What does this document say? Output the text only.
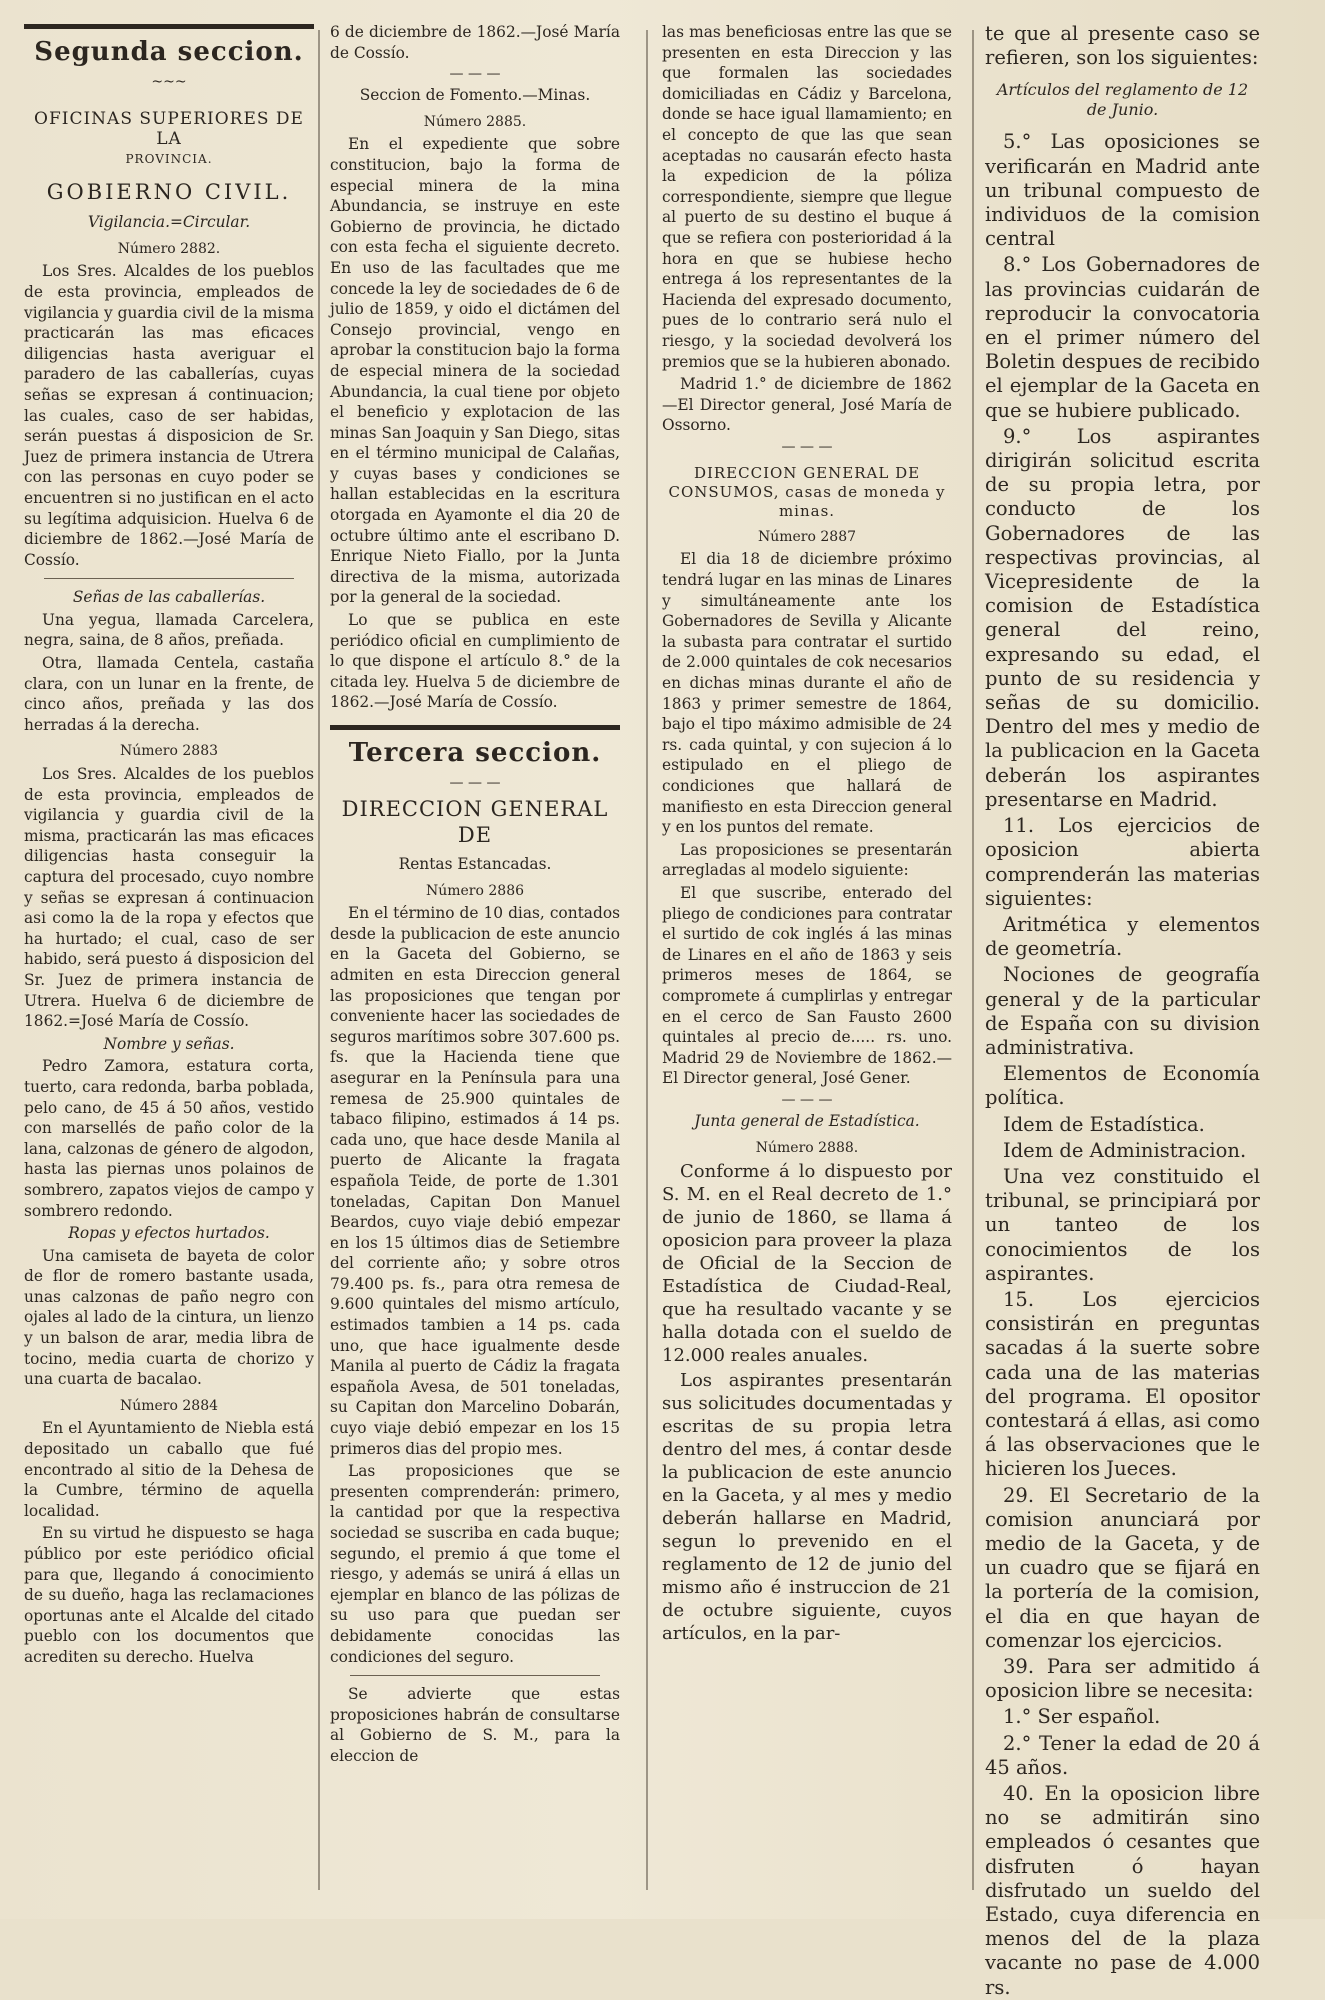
Segunda seccion.
~~~
OFICINAS SUPERIORES DE LA
PROVINCIA.
GOBIERNO CIVIL.

Vigilancia.=Circular.

Número 2882.

Los Sres. Alcaldes de los pueblos de esta provincia, empleados de vigilancia y guardia civil de la misma practicarán las mas eficaces diligencias hasta averiguar el paradero de las caballerías, cuyas señas se expresan á continuacion; las cuales, caso de ser habidas, serán puestas á disposicion de Sr. Juez de primera instancia de Utrera con las personas en cuyo poder se encuentren si no justifican en el acto su legítima adquisicion. Huelva 6 de diciembre de 1862.—José María de Cossío.

Señas de las caballerías.

Una yegua, llamada Carcelera, negra, saina, de 8 años, preñada.

Otra, llamada Centela, castaña clara, con un lunar en la frente, de cinco años, preñada y las dos herradas á la derecha.

Número 2883

Los Sres. Alcaldes de los pueblos de esta provincia, empleados de vigilancia y guardia civil de la misma, practicarán las mas eficaces diligencias hasta conseguir la captura del procesado, cuyo nombre y señas se expresan á continuacion asi como la de la ropa y efectos que ha hurtado; el cual, caso de ser habido, será puesto á disposicion del Sr. Juez de primera instancia de Utrera. Huelva 6 de diciembre de 1862.=José María de Cossío.

Nombre y señas.

Pedro Zamora, estatura corta, tuerto, cara redonda, barba poblada, pelo cano, de 45 á 50 años, vestido con marsellés de paño color de la lana, calzonas de género de algodon, hasta las piernas unos polainos de sombrero, zapatos viejos de campo y sombrero redondo.

Ropas y efectos hurtados.

Una camiseta de bayeta de color de flor de romero bastante usada, unas calzonas de paño negro con ojales al lado de la cintura, un lienzo y un balson de arar, media libra de tocino, media cuarta de chorizo y una cuarta de bacalao.

Número 2884

En el Ayuntamiento de Niebla está depositado un caballo que fué encontrado al sitio de la Dehesa de la Cumbre, término de aquella localidad.

En su virtud he dispuesto se haga público por este periódico oficial para que, llegando á conocimiento de su dueño, haga las reclamaciones oportunas ante el Alcalde del citado pueblo con los documentos que acrediten su derecho. Huelva

6 de diciembre de 1862.—José María de Cossío.

— — —

Seccion de Fomento.—Minas.

Número 2885.

En el expediente que sobre constitucion, bajo la forma de especial minera de la mina Abundancia, se instruye en este Gobierno de provincia, he dictado con esta fecha el siguiente decreto. En uso de las facultades que me concede la ley de sociedades de 6 de julio de 1859, y oido el dictámen del Consejo provincial, vengo en aprobar la constitucion bajo la forma de especial minera de la sociedad Abundancia, la cual tiene por objeto el beneficio y explotacion de las minas San Joaquin y San Diego, sitas en el término municipal de Calañas, y cuyas bases y condiciones se hallan establecidas en la escritura otorgada en Ayamonte el dia 20 de octubre último ante el escribano D. Enrique Nieto Fiallo, por la Junta directiva de la misma, autorizada por la general de la sociedad.

Lo que se publica en este periódico oficial en cumplimiento de lo que dispone el artículo 8.° de la citada ley. Huelva 5 de diciembre de 1862.—José María de Cossío.

Tercera seccion.
— — —
DIRECCION GENERAL DE

Rentas Estancadas.

Número 2886

En el término de 10 dias, contados desde la publicacion de este anuncio en la Gaceta del Gobierno, se admiten en esta Direccion general las proposiciones que tengan por conveniente hacer las sociedades de seguros marítimos sobre 307.600 ps. fs. que la Hacienda tiene que asegurar en la Península para una remesa de 25.900 quintales de tabaco filipino, estimados á 14 ps. cada uno, que hace desde Manila al puerto de Alicante la fragata española Teide, de porte de 1.301 toneladas, Capitan Don Manuel Beardos, cuyo viaje debió empezar en los 15 últimos dias de Setiembre del corriente año; y sobre otros 79.400 ps. fs., para otra remesa de 9.600 quintales del mismo artículo, estimados tambien a 14 ps. cada uno, que hace igualmente desde Manila al puerto de Cádiz la fragata española Avesa, de 501 toneladas, su Capitan don Marcelino Dobarán, cuyo viaje debió empezar en los 15 primeros dias del propio mes.

Las proposiciones que se presenten comprenderán: primero, la cantidad por que la respectiva sociedad se suscriba en cada buque; segundo, el premio á que tome el riesgo, y además se unirá á ellas un ejemplar en blanco de las pólizas de su uso para que puedan ser debidamente conocidas las condiciones del seguro.

Se advierte que estas proposiciones habrán de consultarse al Gobierno de S. M., para la eleccion de

las mas beneficiosas entre las que se presenten en esta Direccion y las que formalen las sociedades domiciliadas en Cádiz y Barcelona, donde se hace igual llamamiento; en el concepto de que las que sean aceptadas no causarán efecto hasta la expedicion de la póliza correspondiente, siempre que llegue al puerto de su destino el buque á que se refiera con posterioridad á la hora en que se hubiese hecho entrega á los representantes de la Hacienda del expresado documento, pues de lo contrario será nulo el riesgo, y la sociedad devolverá los premios que se la hubieren abonado.

Madrid 1.° de diciembre de 1862 —El Director general, José María de Ossorno.

— — —
DIRECCION GENERAL DE CONSUMOS, casas de moneda y minas.
Número 2887

El dia 18 de diciembre próximo tendrá lugar en las minas de Linares y simultáneamente ante los Gobernadores de Sevilla y Alicante la subasta para contratar el surtido de 2.000 quintales de cok necesarios en dichas minas durante el año de 1863 y primer semestre de 1864, bajo el tipo máximo admisible de 24 rs. cada quintal, y con sujecion á lo estipulado en el pliego de condiciones que hallará de manifiesto en esta Direccion general y en los puntos del remate.

Las proposiciones se presentarán arregladas al modelo siguiente:

El que suscribe, enterado del pliego de condiciones para contratar el surtido de cok inglés á las minas de Linares en el año de 1863 y seis primeros meses de 1864, se compromete á cumplirlas y entregar en el cerco de San Fausto 2600 quintales al precio de..... rs. uno. Madrid 29 de Noviembre de 1862.—El Director general, José Gener.

— — —

Junta general de Estadística.

Número 2888.

Conforme á lo dispuesto por S. M. en el Real decreto de 1.° de junio de 1860, se llama á oposicion para proveer la plaza de Oficial de la Seccion de Estadística de Ciudad-Real, que ha resultado vacante y se halla dotada con el sueldo de 12.000 reales anuales.

Los aspirantes presentarán sus solicitudes documentadas y escritas de su propia letra dentro del mes, á contar desde la publicacion de este anuncio en la Gaceta, y al mes y medio deberán hallarse en Madrid, segun lo prevenido en el reglamento de 12 de junio del mismo año é instruccion de 21 de octubre siguiente, cuyos artículos, en la par-

te que al presente caso se refieren, son los siguientes:

Artículos del reglamento de 12 de Junio.

5.° Las oposiciones se verificarán en Madrid ante un tribunal compuesto de individuos de la comision central

8.° Los Gobernadores de las provincias cuidarán de reproducir la convocatoria en el primer número del Boletin despues de recibido el ejemplar de la Gaceta en que se hubiere publicado.

9.° Los aspirantes dirigirán solicitud escrita de su propia letra, por conducto de los Gobernadores de las respectivas provincias, al Vicepresidente de la comision de Estadística general del reino, expresando su edad, el punto de su residencia y señas de su domicilio. Dentro del mes y medio de la publicacion en la Gaceta deberán los aspirantes presentarse en Madrid.

11. Los ejercicios de oposicion abierta comprenderán las materias siguientes:

Aritmética y elementos de geometría.

Nociones de geografía general y de la particular de España con su division administrativa.

Elementos de Economía política.

Idem de Estadística.

Idem de Administracion.

Una vez constituido el tribunal, se principiará por un tanteo de los conocimientos de los aspirantes.

15. Los ejercicios consistirán en preguntas sacadas á la suerte sobre cada una de las materias del programa. El opositor contestará á ellas, asi como á las observaciones que le hicieren los Jueces.

29. El Secretario de la comision anunciará por medio de la Gaceta, y de un cuadro que se fijará en la portería de la comision, el dia en que hayan de comenzar los ejercicios.

39. Para ser admitido á oposicion libre se necesita:

1.° Ser español.

2.° Tener la edad de 20 á 45 años.

40. En la oposicion libre no se admitirán sino empleados ó cesantes que disfruten ó hayan disfrutado un sueldo del Estado, cuya diferencia en menos del de la plaza vacante no pase de 4.000 rs.
